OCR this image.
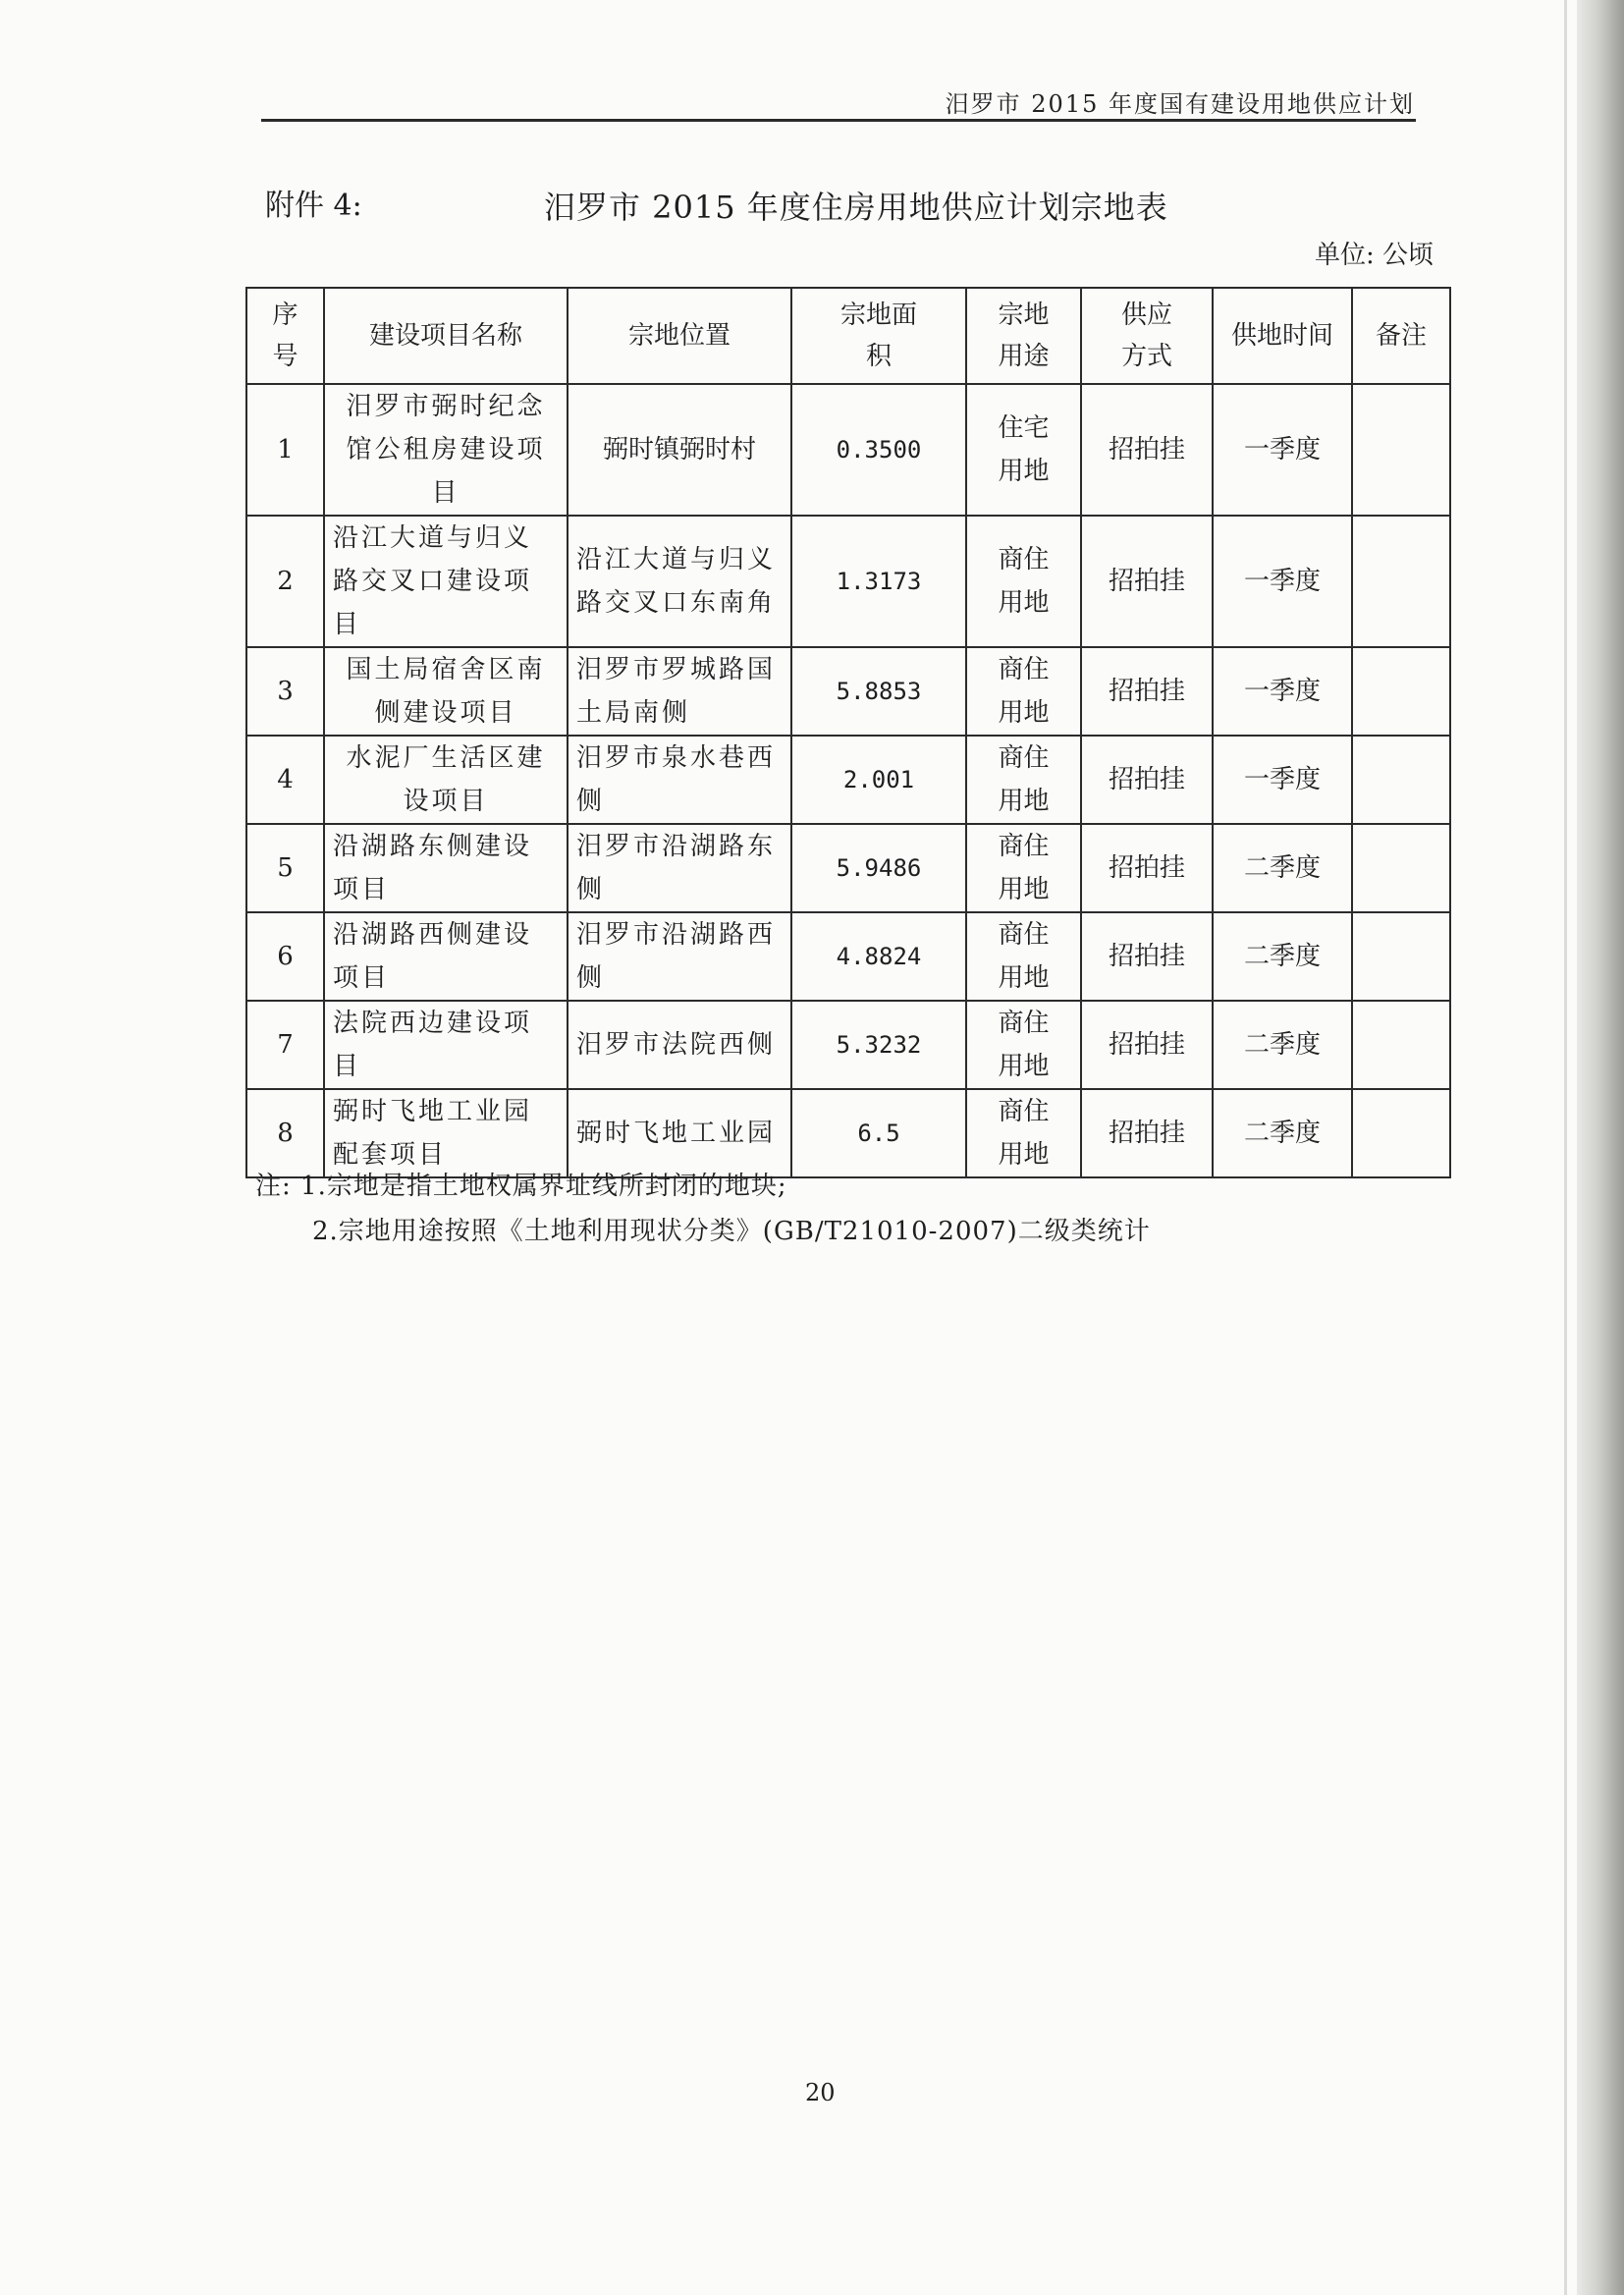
汨罗市 2015 年度国有建设用地供应计划
附件 4:	汨罗市 2015 年度住房用地供应计划宗地表
单位: 公顷
序号	建设项目名称	宗地位置	宗地面积	宗地用途	供应方式	供地时间	备注
1	汨罗市弼时纪念馆公租房建设项目	弼时镇弼时村	0.3500	住宅用地	招拍挂	一季度	
2	沿江大道与归义路交叉口建设项目	沿江大道与归义路交叉口东南角	1.3173	商住用地	招拍挂	一季度	
3	国土局宿舍区南侧建设项目	汨罗市罗城路国土局南侧	5.8853	商住用地	招拍挂	一季度	
4	水泥厂生活区建设项目	汨罗市泉水巷西侧	2.001	商住用地	招拍挂	一季度	
5	沿湖路东侧建设项目	汨罗市沿湖路东侧	5.9486	商住用地	招拍挂	二季度	
6	沿湖路西侧建设项目	汨罗市沿湖路西侧	4.8824	商住用地	招拍挂	二季度	
7	法院西边建设项目	汨罗市法院西侧	5.3232	商住用地	招拍挂	二季度	
8	弼时飞地工业园配套项目	弼时飞地工业园	6.5	商住用地	招拍挂	二季度	
注: 1.宗地是指土地权属界址线所封闭的地块;
2.宗地用途按照《土地利用现状分类》(GB/T21010-2007)二级类统计
20
